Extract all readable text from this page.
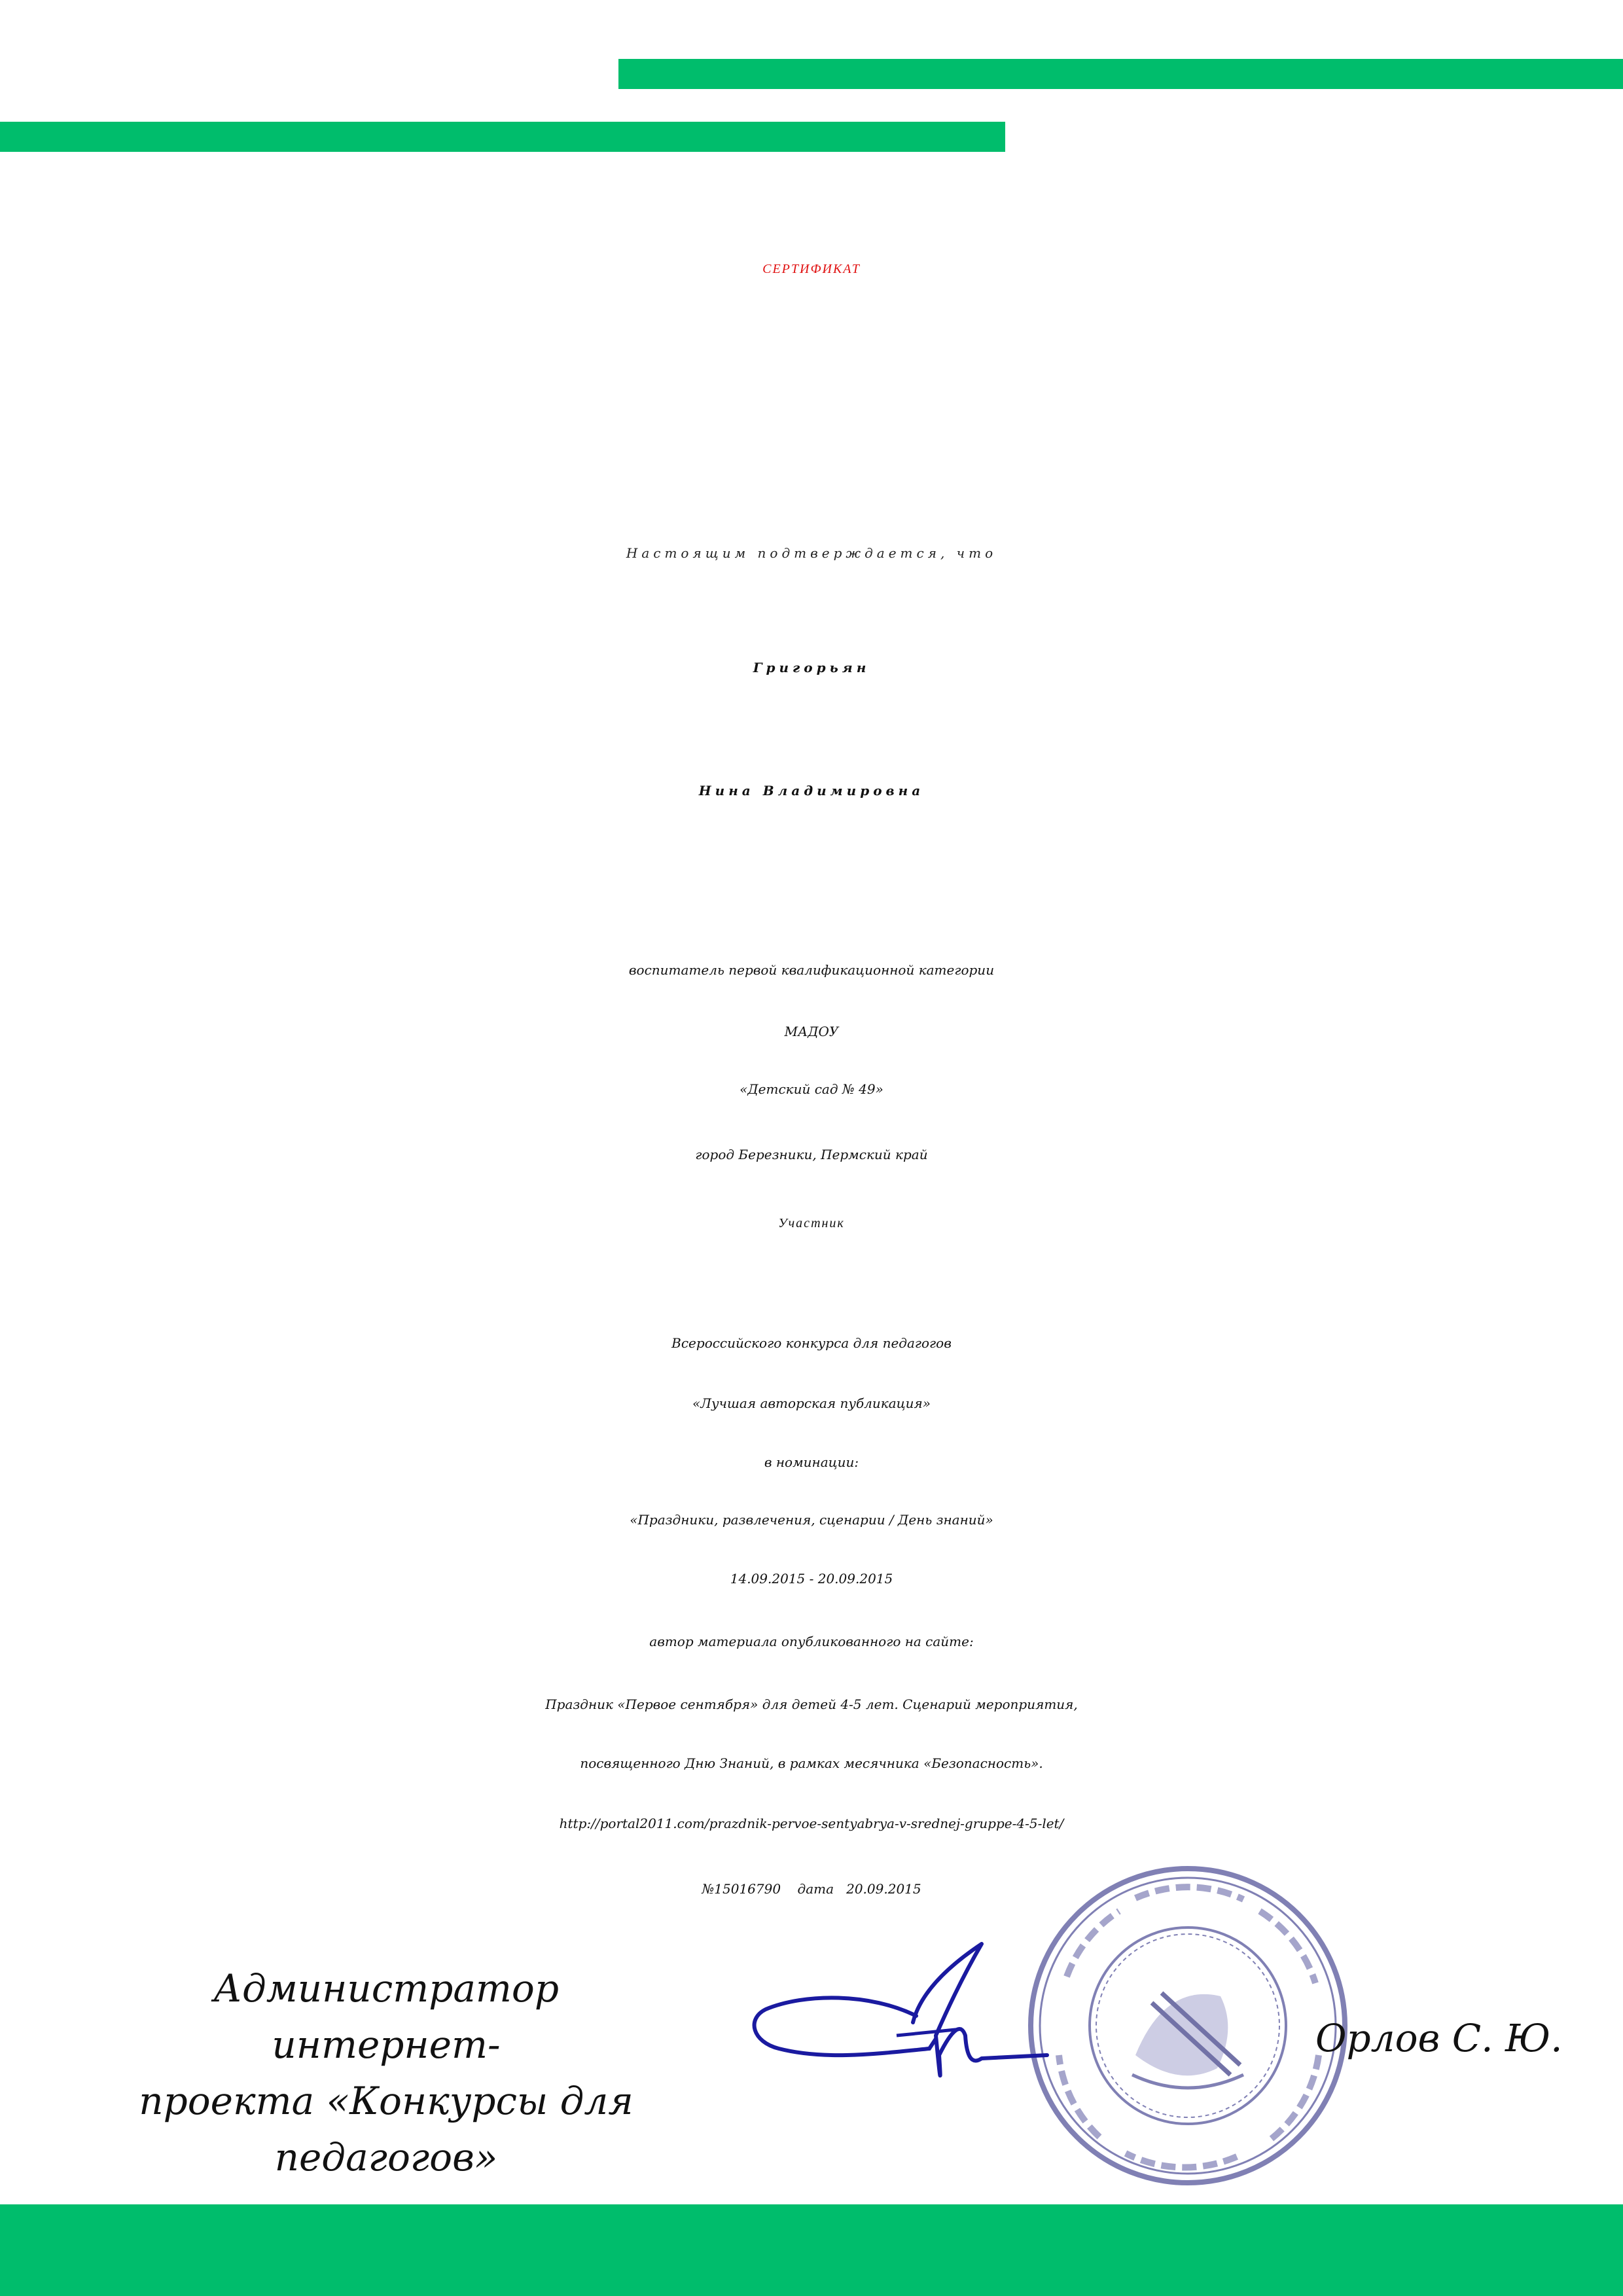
СЕРТИФИКАТ
Настоящим подтверждается, что
Григорьян
Нина Владимировна
воспитатель первой квалификационной категории
МАДОУ
«Детский сад № 49»
город Березники, Пермский край
Участник
Всероссийского конкурса для педагогов
«Лучшая авторская публикация»
в номинации:
«Праздники, развлечения, сценарии / День знаний»
14.09.2015 - 20.09.2015
автор материала опубликованного на сайте:
Праздник «Первое сентября» для детей 4-5 лет. Сценарий мероприятия,
посвященного Дню Знаний, в рамках месячника «Безопасность».
http://portal2011.com/prazdnik-pervoe-sentyabrya-v-srednej-gruppe-4-5-let/
№15016790 дата 20.09.2015
Администратор интернет-
проекта «Конкурсы для
педагогов»
Орлов С. Ю.
